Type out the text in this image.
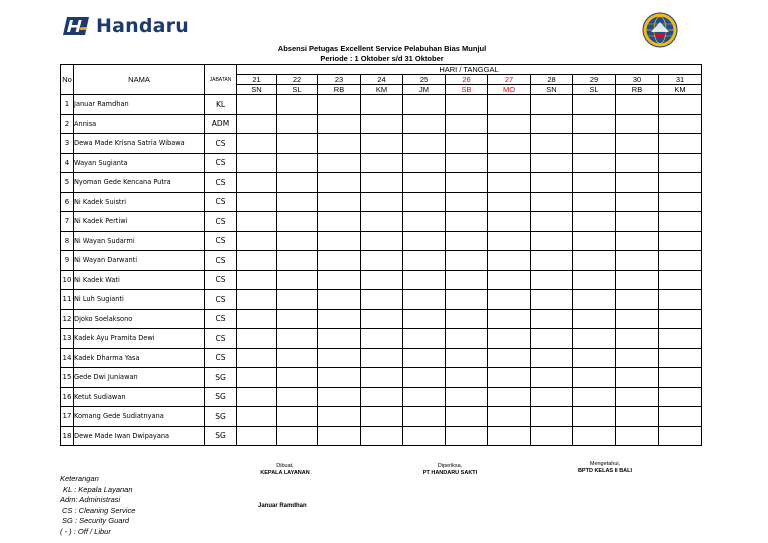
Handaru
Absensi Petugas Excellent Service Pelabuhan Bias Munjul
Periode : 1 Oktober s/d 31 Oktober
No	NAMA	JABATAN	HARI / TANGGAL										
			21	22	23	24	25	26	27	28	29	30	31
			SN	SL	RB	KM	JM	SB	MO	SN	SL	RB	KM
1	Januar Ramdhan	KL											
2	Annisa	ADM											
3	Dewa Made Krisna Satria Wibawa	CS											
4	Wayan Sugianta	CS											
5	Nyoman Gede Kencana Putra	CS											
6	Ni Kadek Suistri	CS											
7	Ni Kadek Pertiwi	CS											
8	Ni Wayan Sudarmi	CS											
9	Ni Wayan Darwanti	CS											
10	Ni Kadek Wati	CS											
11	Ni Luh Sugianti	CS											
12	Djoko Soelaksono	CS											
13	Kadek Ayu Pramita Dewi	CS											
14	Kadek Dharma Yasa	CS											
15	Gede Dwi Juniawan	SG											
16	Ketut Sudiawan	SG											
17	Komang Gede Sudiatnyana	SG											
18	Dewe Made Iwan Dwipayana	SG											
Dibuat,
KEPALA LAYANAN
Januar Ramdhan
Diperiksa,
PT HANDARU SAKTI
Mengetahui,
BPTD KELAS II BALI
Keterangan
KL : Kepala Layanan
Adm: Administrasi
CS : Cleaning Service
SG : Security Guard
( - ) : Off / Libur
